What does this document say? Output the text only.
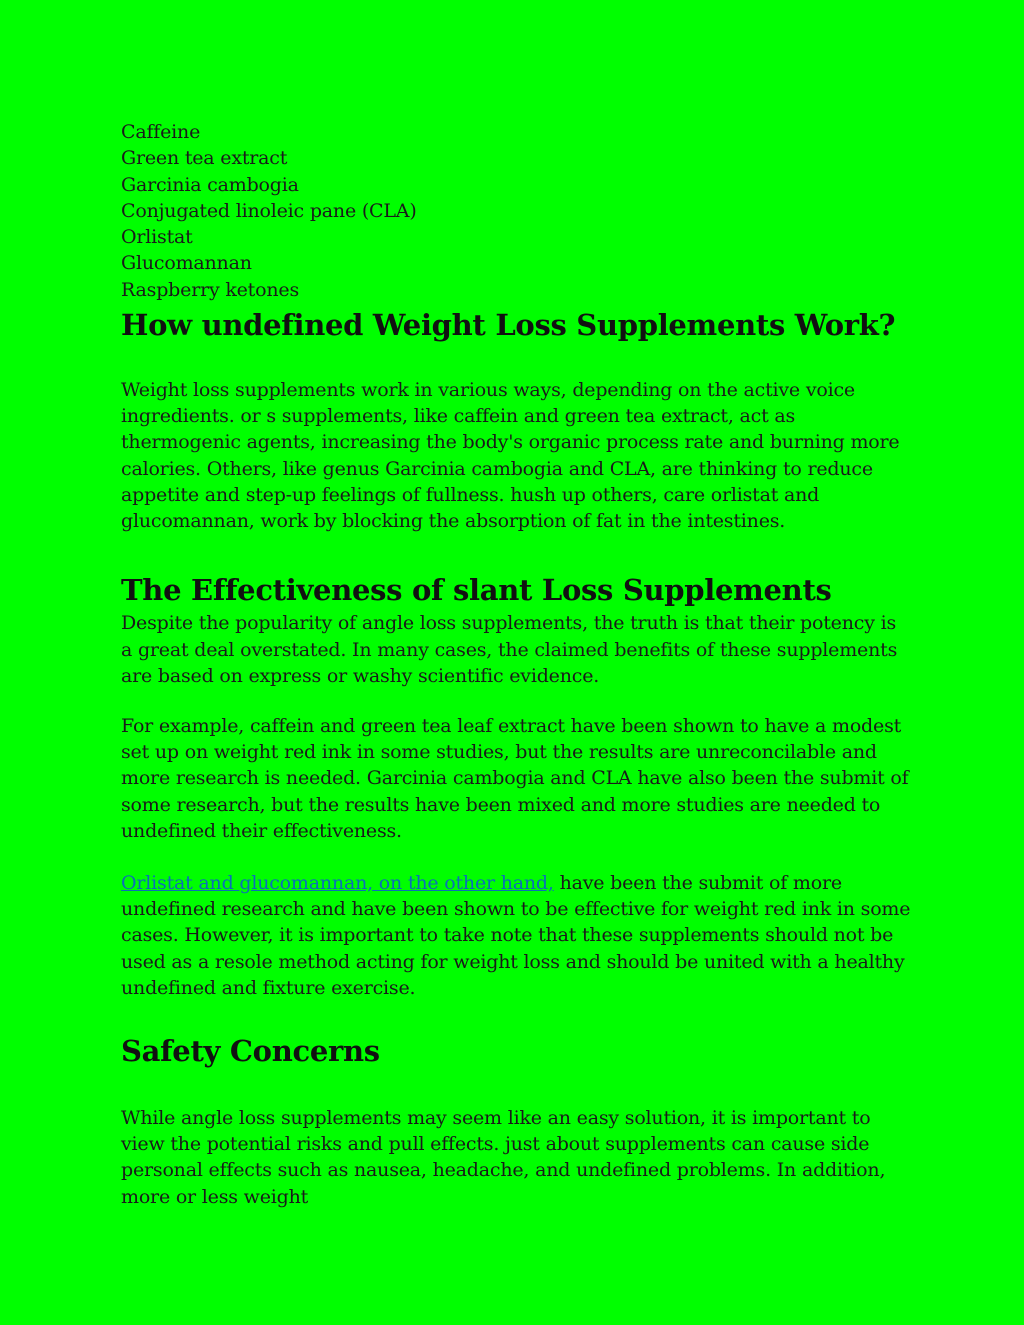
Caffeine
Green tea extract
Garcinia cambogia
Conjugated linoleic pane (CLA)
Orlistat
Glucomannan
Raspberry ketones
How undefined Weight Loss Supplements Work?

Weight loss supplements work in various ways, depending on the active voice ingredients. or s supplements, like caffein and green tea extract, act as thermogenic agents, increasing the body's organic process rate and burning more calories. Others, like genus Garcinia cambogia and CLA, are thinking to reduce appetite and step-up feelings of fullness. hush up others, care orlistat and glucomannan, work by blocking the absorption of fat in the intestines.

The Effectiveness of slant Loss Supplements

Despite the popularity of angle loss supplements, the truth is that their potency is a great deal overstated. In many cases, the claimed benefits of these supplements are based on express or washy scientific evidence.

For example, caffein and green tea leaf extract have been shown to have a modest set up on weight red ink in some studies, but the results are unreconcilable and more research is needed. Garcinia cambogia and CLA have also been the submit of some research, but the results have been mixed and more studies are needed to undefined their effectiveness.

Orlistat and glucomannan, on the other hand, have been the submit of more undefined research and have been shown to be effective for weight red ink in some cases. However, it is important to take note that these supplements should not be used as a resole method acting for weight loss and should be united with a healthy undefined and fixture exercise.

Safety Concerns

While angle loss supplements may seem like an easy solution, it is important to view the potential risks and pull effects. just about supplements can cause side personal effects such as nausea, headache, and undefined problems. In addition, more or less weight
